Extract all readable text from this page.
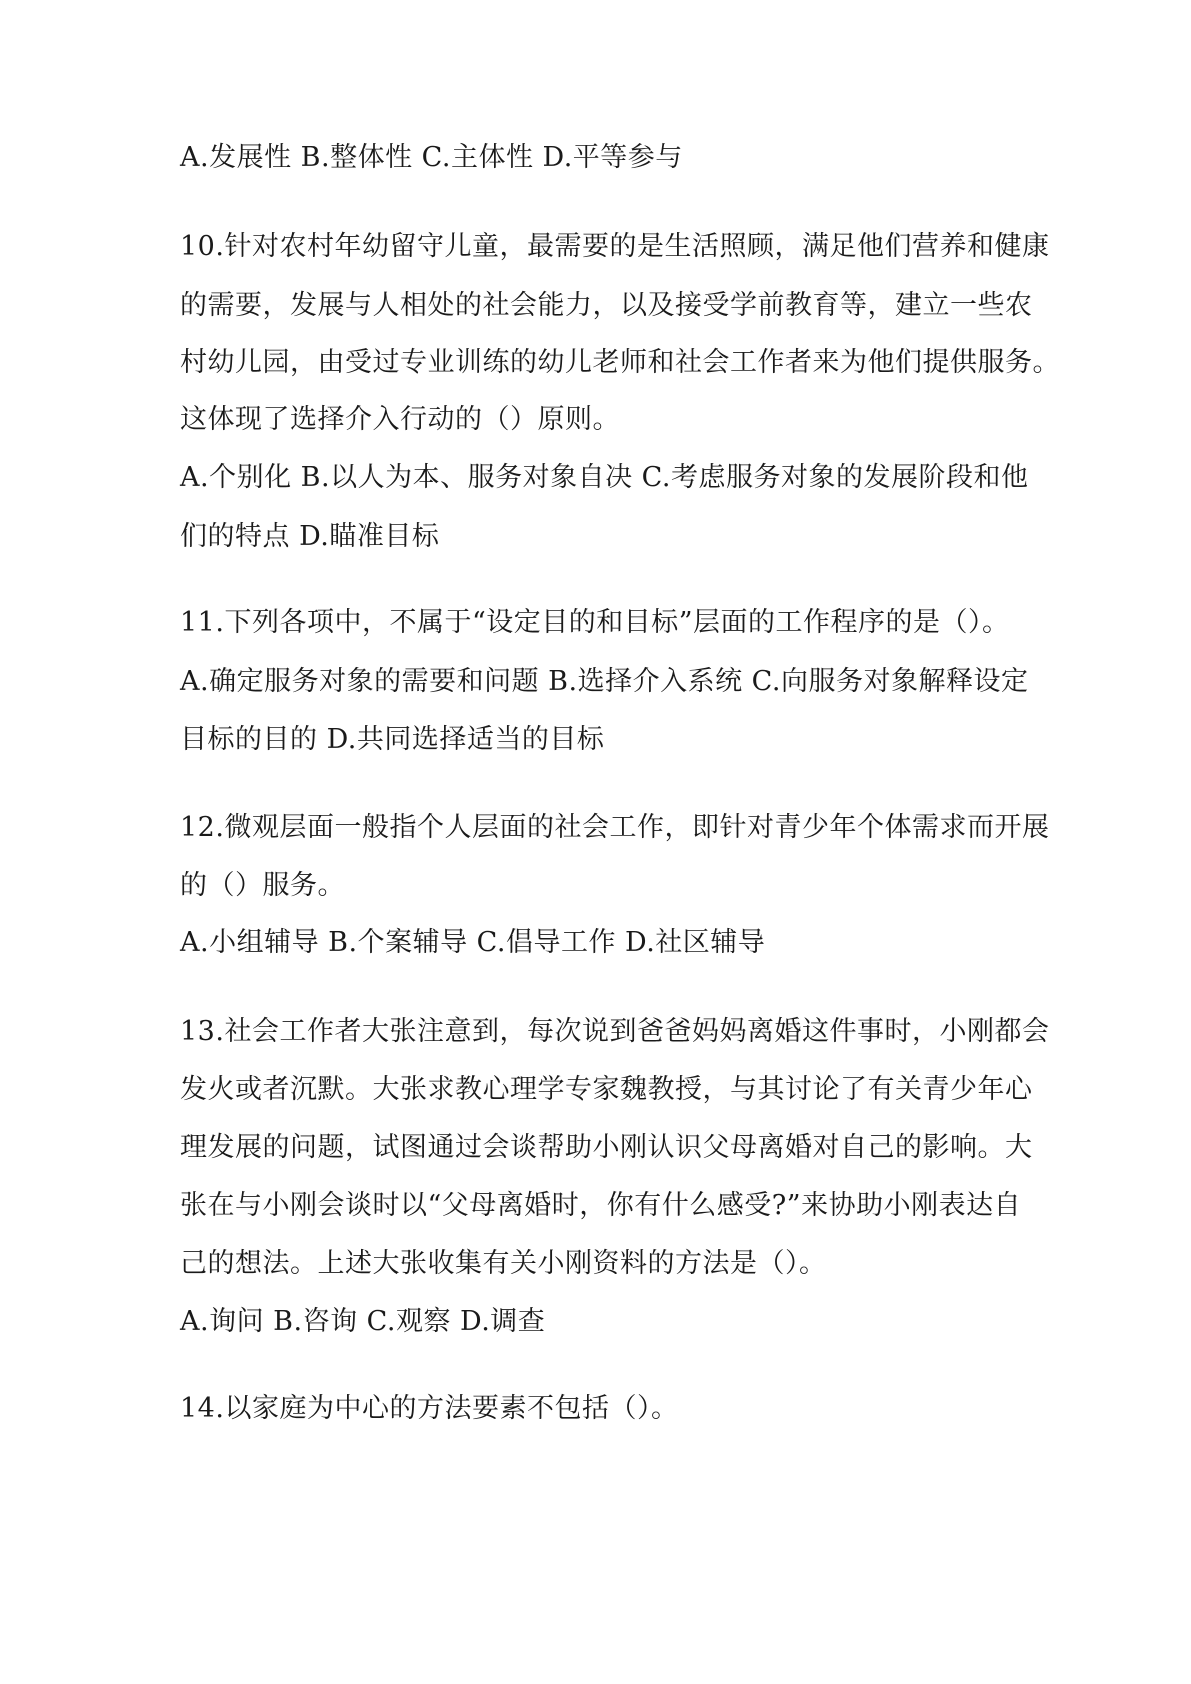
A.发展性 B.整体性 C.主体性 D.平等参与
10.针对农村年幼留守儿童，最需要的是生活照顾，满足他们营养和健康
的需要，发展与人相处的社会能力，以及接受学前教育等，建立一些农
村幼儿园，由受过专业训练的幼儿老师和社会工作者来为他们提供服务。
这体现了选择介入行动的（）原则。
A.个别化 B.以人为本、服务对象自决 C.考虑服务对象的发展阶段和他
们的特点 D.瞄准目标
11.下列各项中，不属于“设定目的和目标”层面的工作程序的是（）。
A.确定服务对象的需要和问题 B.选择介入系统 C.向服务对象解释设定
目标的目的 D.共同选择适当的目标
12.微观层面一般指个人层面的社会工作，即针对青少年个体需求而开展
的（）服务。
A.小组辅导 B.个案辅导 C.倡导工作 D.社区辅导
13.社会工作者大张注意到，每次说到爸爸妈妈离婚这件事时，小刚都会
发火或者沉默。大张求教心理学专家魏教授，与其讨论了有关青少年心
理发展的问题，试图通过会谈帮助小刚认识父母离婚对自己的影响。大
张在与小刚会谈时以“父母离婚时，你有什么感受?”来协助小刚表达自
己的想法。上述大张收集有关小刚资料的方法是（）。
A.询问 B.咨询 C.观察 D.调查
14.以家庭为中心的方法要素不包括（）。
